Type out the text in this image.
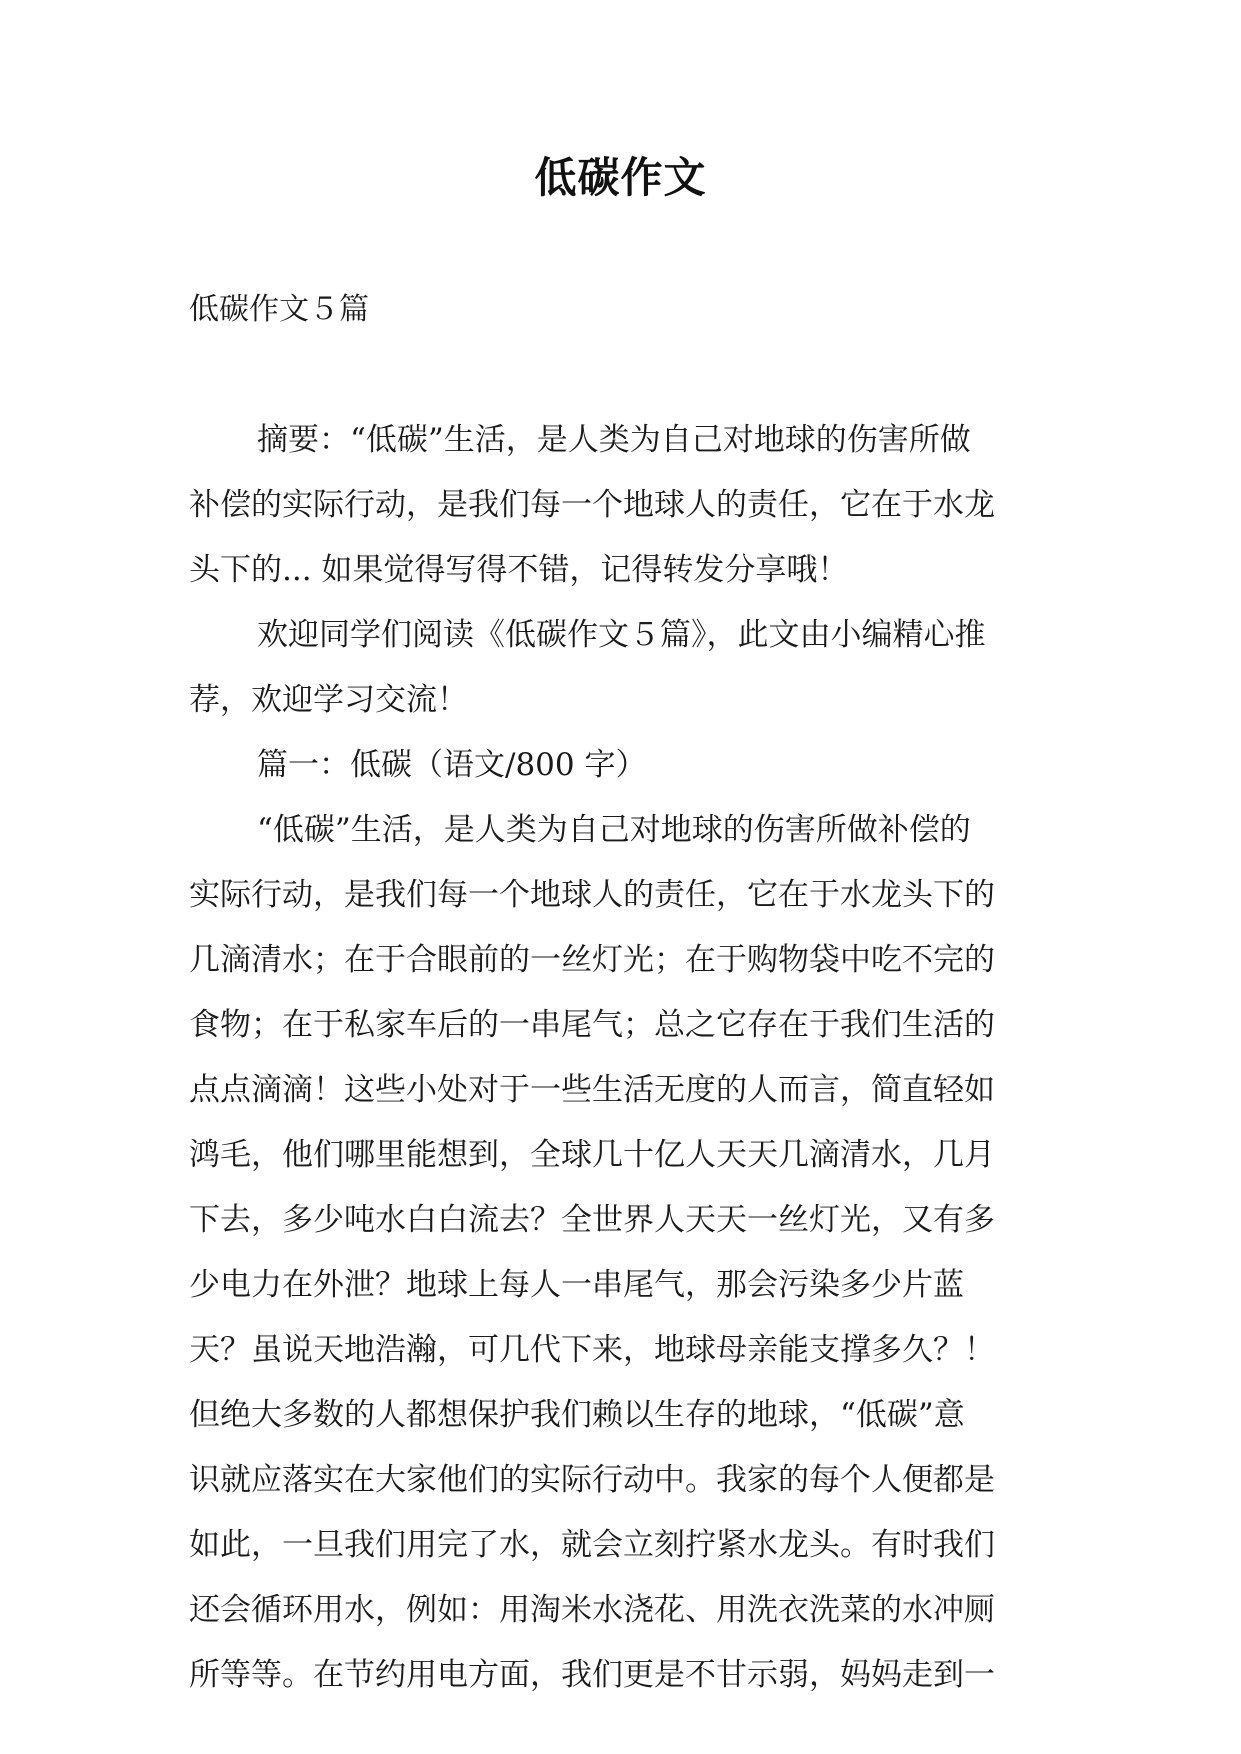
低碳作文
低碳作文５篇
摘要：“低碳”生活，是人类为自己对地球的伤害所做
补偿的实际行动，是我们每一个地球人的责任，它在于水龙
头下的... 如果觉得写得不错，记得转发分享哦！
欢迎同学们阅读《低碳作文５篇》，此文由小编精心推
荐，欢迎学习交流！
篇一：低碳（语文/800 字）
“低碳”生活，是人类为自己对地球的伤害所做补偿的
实际行动，是我们每一个地球人的责任，它在于水龙头下的
几滴清水；在于合眼前的一丝灯光；在于购物袋中吃不完的
食物；在于私家车后的一串尾气；总之它存在于我们生活的
点点滴滴！这些小处对于一些生活无度的人而言，简直轻如
鸿毛，他们哪里能想到，全球几十亿人天天几滴清水，几月
下去，多少吨水白白流去？全世界人天天一丝灯光，又有多
少电力在外泄？地球上每人一串尾气，那会污染多少片蓝
天？虽说天地浩瀚，可几代下来，地球母亲能支撑多久？！
但绝大多数的人都想保护我们赖以生存的地球，“低碳”意
识就应落实在大家他们的实际行动中。我家的每个人便都是
如此，一旦我们用完了水，就会立刻拧紧水龙头。有时我们
还会循环用水，例如：用淘米水浇花、用洗衣洗菜的水冲厕
所等等。在节约用电方面，我们更是不甘示弱，妈妈走到一
